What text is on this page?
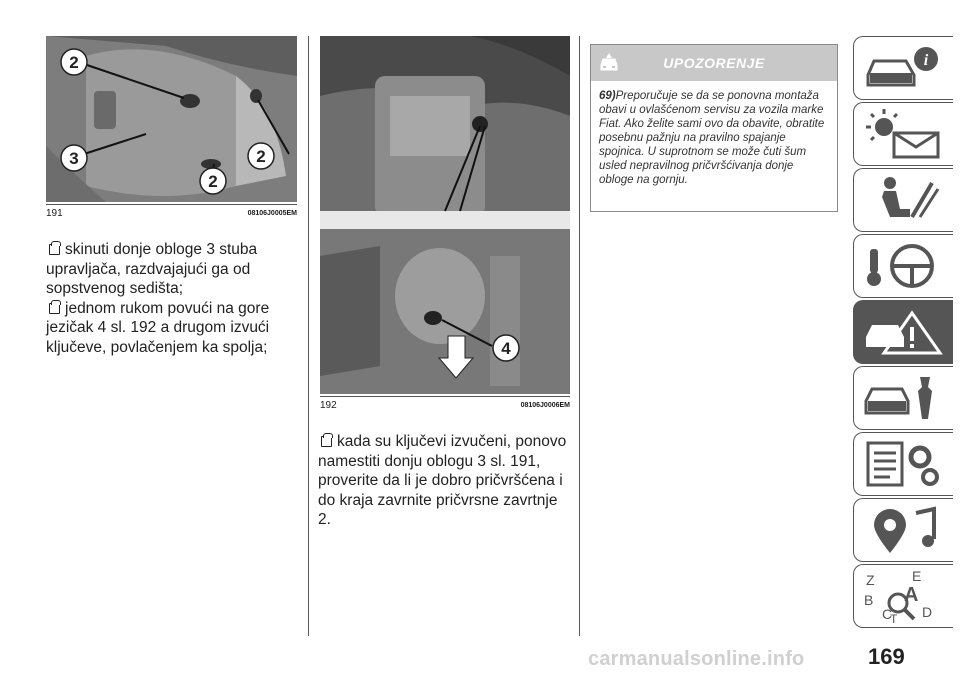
2
2
2
3
191	08106J0005EM

skinuti donje obloge 3 stuba upravljača, razdvajajući ga od sopstvenog sedišta;

jednom rukom povući na gore jezičak 4 sl. 192 a drugom izvući ključeve, povlačenjem ka spolja;	4
192	08106J0006EM

kada su ključevi izvučeni, ponovo namestiti donju oblogu 3 sl. 191, proverite da li je dobro pričvršćena i do kraja zavrnite pričvrsne zavrtnje 2.

UPOZORENJE
69)Preporučuje se da se ponovna montaža obavi u ovlašćenom servisu za vozila marke Fiat. Ako želite sami ovo da obavite, obratite posebnu pažnju na pravilno spajanje spojnica. U suprotnom se može čuti šum usled nepravilnog pričvršćivanja donje obloge na gornju.
i
Z	E
A
B
C D
T
169
carmanualsonline.info
